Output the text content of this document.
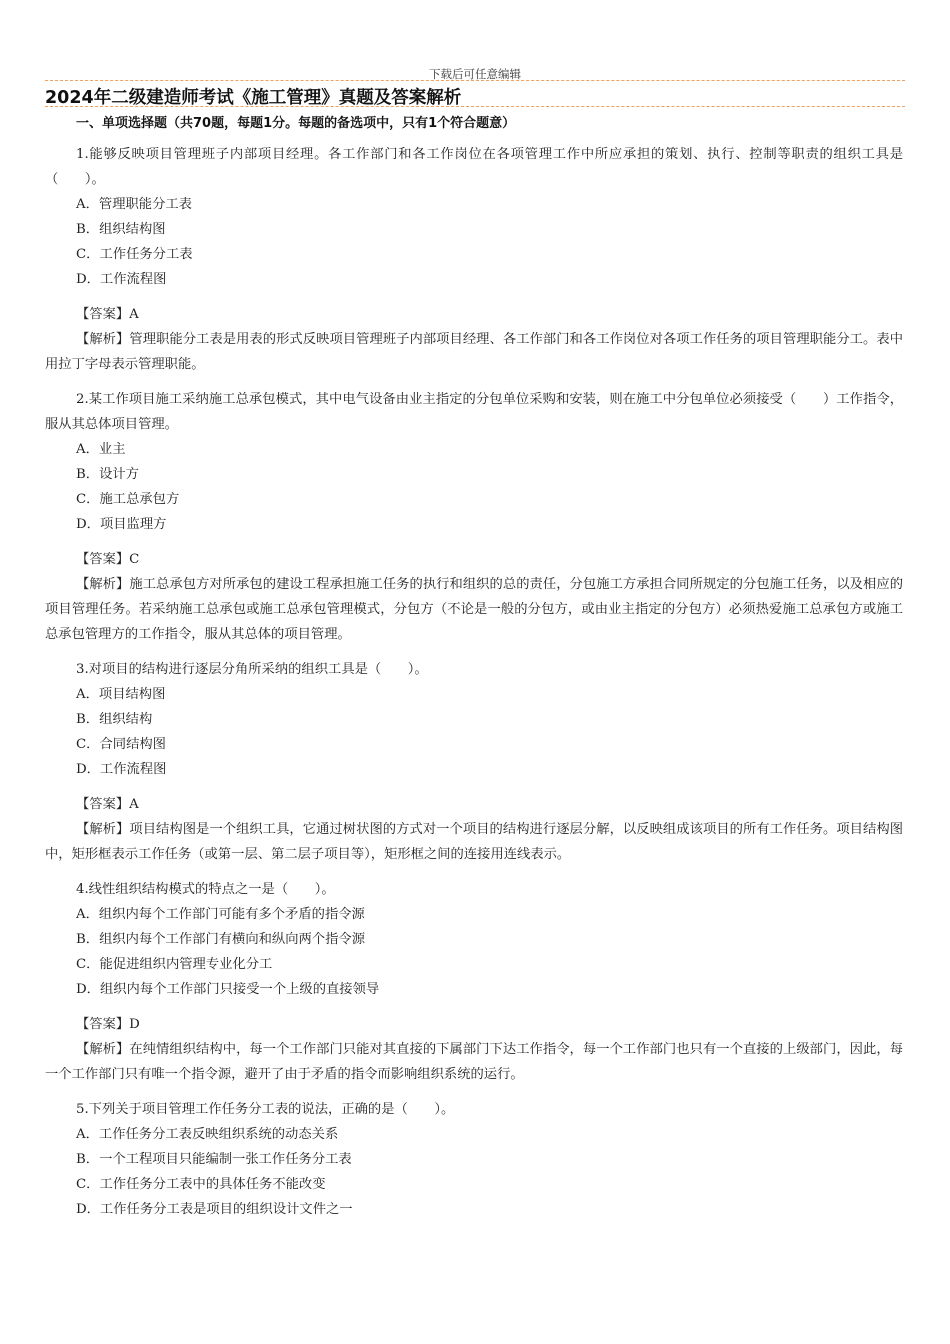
下载后可任意编辑
2024年二级建造师考试《施工管理》真题及答案解析
一、单项选择题（共70题，每题1分。每题的备选项中，只有1个符合题意）
1.能够反映项目管理班子内部项目经理。各工作部门和各工作岗位在各项管理工作中所应承担的策划、执行、控制等职责的组织工具是（　　）。
A．管理职能分工表
B．组织结构图
C．工作任务分工表
D．工作流程图
【答案】A
【解析】管理职能分工表是用表的形式反映项目管理班子内部项目经理、各工作部门和各工作岗位对各项工作任务的项目管理职能分工。表中用拉丁字母表示管理职能。
2.某工作项目施工采纳施工总承包模式，其中电气设备由业主指定的分包单位采购和安装，则在施工中分包单位必须接受（　　）工作指令，服从其总体项目管理。
A．业主
B．设计方
C．施工总承包方
D．项目监理方
【答案】C
【解析】施工总承包方对所承包的建设工程承担施工任务的执行和组织的总的责任，分包施工方承担合同所规定的分包施工任务，以及相应的项目管理任务。若采纳施工总承包或施工总承包管理模式，分包方（不论是一般的分包方，或由业主指定的分包方）必须热爱施工总承包方或施工总承包管理方的工作指令，服从其总体的项目管理。
3.对项目的结构进行逐层分角所采纳的组织工具是（　　）。
A．项目结构图
B．组织结构
C．合同结构图
D．工作流程图
【答案】A
【解析】项目结构图是一个组织工具，它通过树状图的方式对一个项目的结构进行逐层分解，以反映组成该项目的所有工作任务。项目结构图中，矩形框表示工作任务（或第一层、第二层子项目等），矩形框之间的连接用连线表示。
4.线性组织结构模式的特点之一是（　　）。
A．组织内每个工作部门可能有多个矛盾的指令源
B．组织内每个工作部门有横向和纵向两个指令源
C．能促进组织内管理专业化分工
D．组织内每个工作部门只接受一个上级的直接领导
【答案】D
【解析】在纯情组织结构中，每一个工作部门只能对其直接的下属部门下达工作指令，每一个工作部门也只有一个直接的上级部门，因此，每一个工作部门只有唯一个指令源，避开了由于矛盾的指令而影响组织系统的运行。
5.下列关于项目管理工作任务分工表的说法，正确的是（　　）。
A．工作任务分工表反映组织系统的动态关系
B．一个工程项目只能编制一张工作任务分工表
C．工作任务分工表中的具体任务不能改变
D．工作任务分工表是项目的组织设计文件之一
